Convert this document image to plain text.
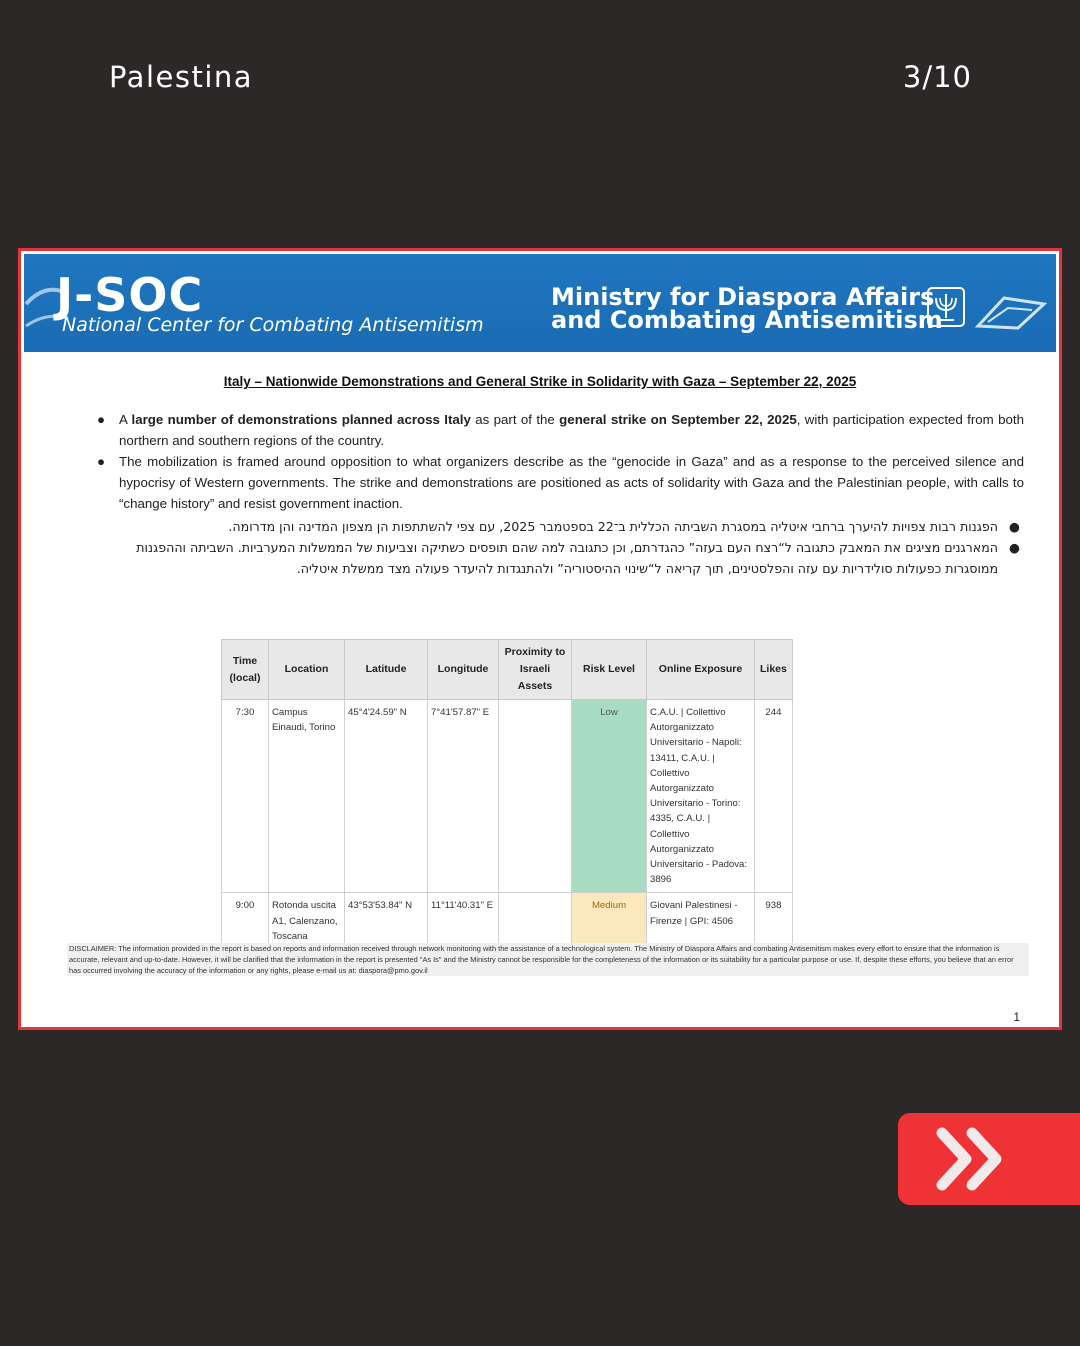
Palestina	3/10
J-SOC
National Center for Combating Antisemitism
Ministry for Diaspora Affairs
and Combating Antisemitism
Italy – Nationwide Demonstrations and General Strike in Solidarity with Gaza – September 22, 2025
● A large number of demonstrations planned across Italy as part of the general strike on September 22, 2025, with participation expected from both northern and southern regions of the country.
● The mobilization is framed around opposition to what organizers describe as the “genocide in Gaza” and as a response to the perceived silence and hypocrisy of Western governments. The strike and demonstrations are positioned as acts of solidarity with Gaza and the Palestinian people, with calls to “change history” and resist government inaction.
●
הפגנות רבות צפויות להיערך ברחבי איטליה במסגרת השביתה הכללית ב־22 בספטמבר 2025, עם צפי להשתתפות הן מצפון המדינה והן מדרומה.
●
המארגנים מציגים את המאבק כתגובה ל“רצח העם בעזה” כהגדרתם, וכן כתגובה למה שהם תופסים כשתיקה וצביעות של הממשלות המערביות. השביתה וההפגנות ממוסגרות כפעולות סולידריות עם עזה והפלסטינים, תוך קריאה ל“שינוי ההיסטוריה” ולהתנגדות להיעדר פעולה מצד ממשלת איטליה.
Time (local)	Location	Latitude	Longitude	Proximity to Israeli Assets	Risk Level	Online Exposure	Likes
7:30	Campus Einaudi, Torino	45°4'24.59" N	7°41'57.87" E		Low	C.A.U. | Collettivo Autorganizzato Universitario - Napoli: 13411, C.A.U. | Collettivo Autorganizzato Universitario - Torino: 4335, C.A.U. | Collettivo Autorganizzato Universitario - Padova: 3896	244
9:00	Rotonda uscita A1, Calenzano, Toscana	43°53'53.84" N	11°11'40.31" E		Medium	Giovani Palestinesi - Firenze | GPI: 4506	938
DISCLAIMER: The information provided in the report is based on reports and information received through network monitoring with the assistance of a technological system. The Ministry of Diaspora Affairs and combating Antisemitism makes every effort to ensure that the information is accurate, relevant and up-to-date. However, it will be clarified that the information in the report is presented "As Is" and the Ministry cannot be responsible for the completeness of the information or its suitability for a particular purpose or use. If, despite these efforts, you believe that an error has occurred involving the accuracy of the information or any rights, please e-mail us at: diaspora@pmo.gov.il
1
